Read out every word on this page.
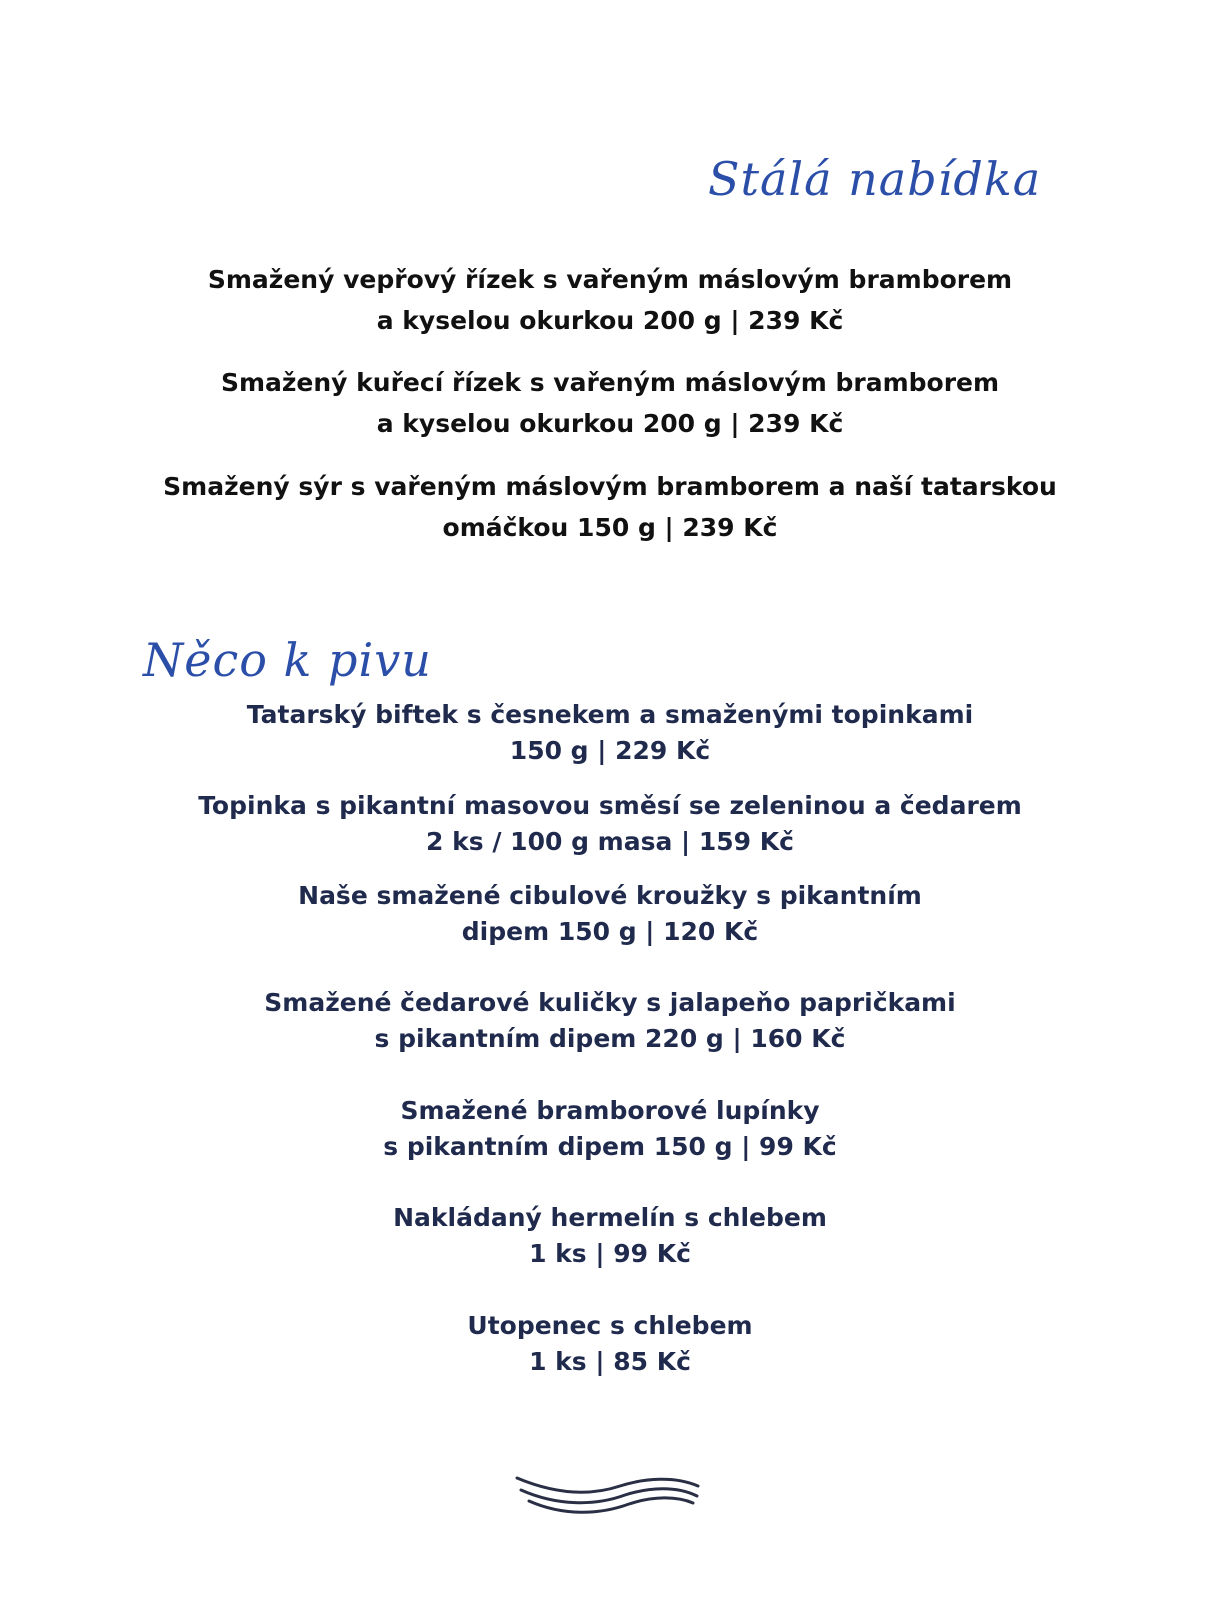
Stálá nabídka
Smažený vepřový řízek s vařeným máslovým bramborem
a kyselou okurkou 200 g | 239 Kč
Smažený kuřecí řízek s vařeným máslovým bramborem
a kyselou okurkou 200 g | 239 Kč
Smažený sýr s vařeným máslovým bramborem a naší tatarskou
omáčkou 150 g | 239 Kč
Něco k pivu
Tatarský biftek s česnekem a smaženými topinkami
150 g | 229 Kč
Topinka s pikantní masovou směsí se zeleninou a čedarem
2 ks / 100 g masa | 159 Kč
Naše smažené cibulové kroužky s pikantním
dipem 150 g | 120 Kč
Smažené čedarové kuličky s jalapeňo papričkami
s pikantním dipem 220 g | 160 Kč
Smažené bramborové lupínky
s pikantním dipem 150 g | 99 Kč
Nakládaný hermelín s chlebem
1 ks | 99 Kč
Utopenec s chlebem
1 ks | 85 Kč
